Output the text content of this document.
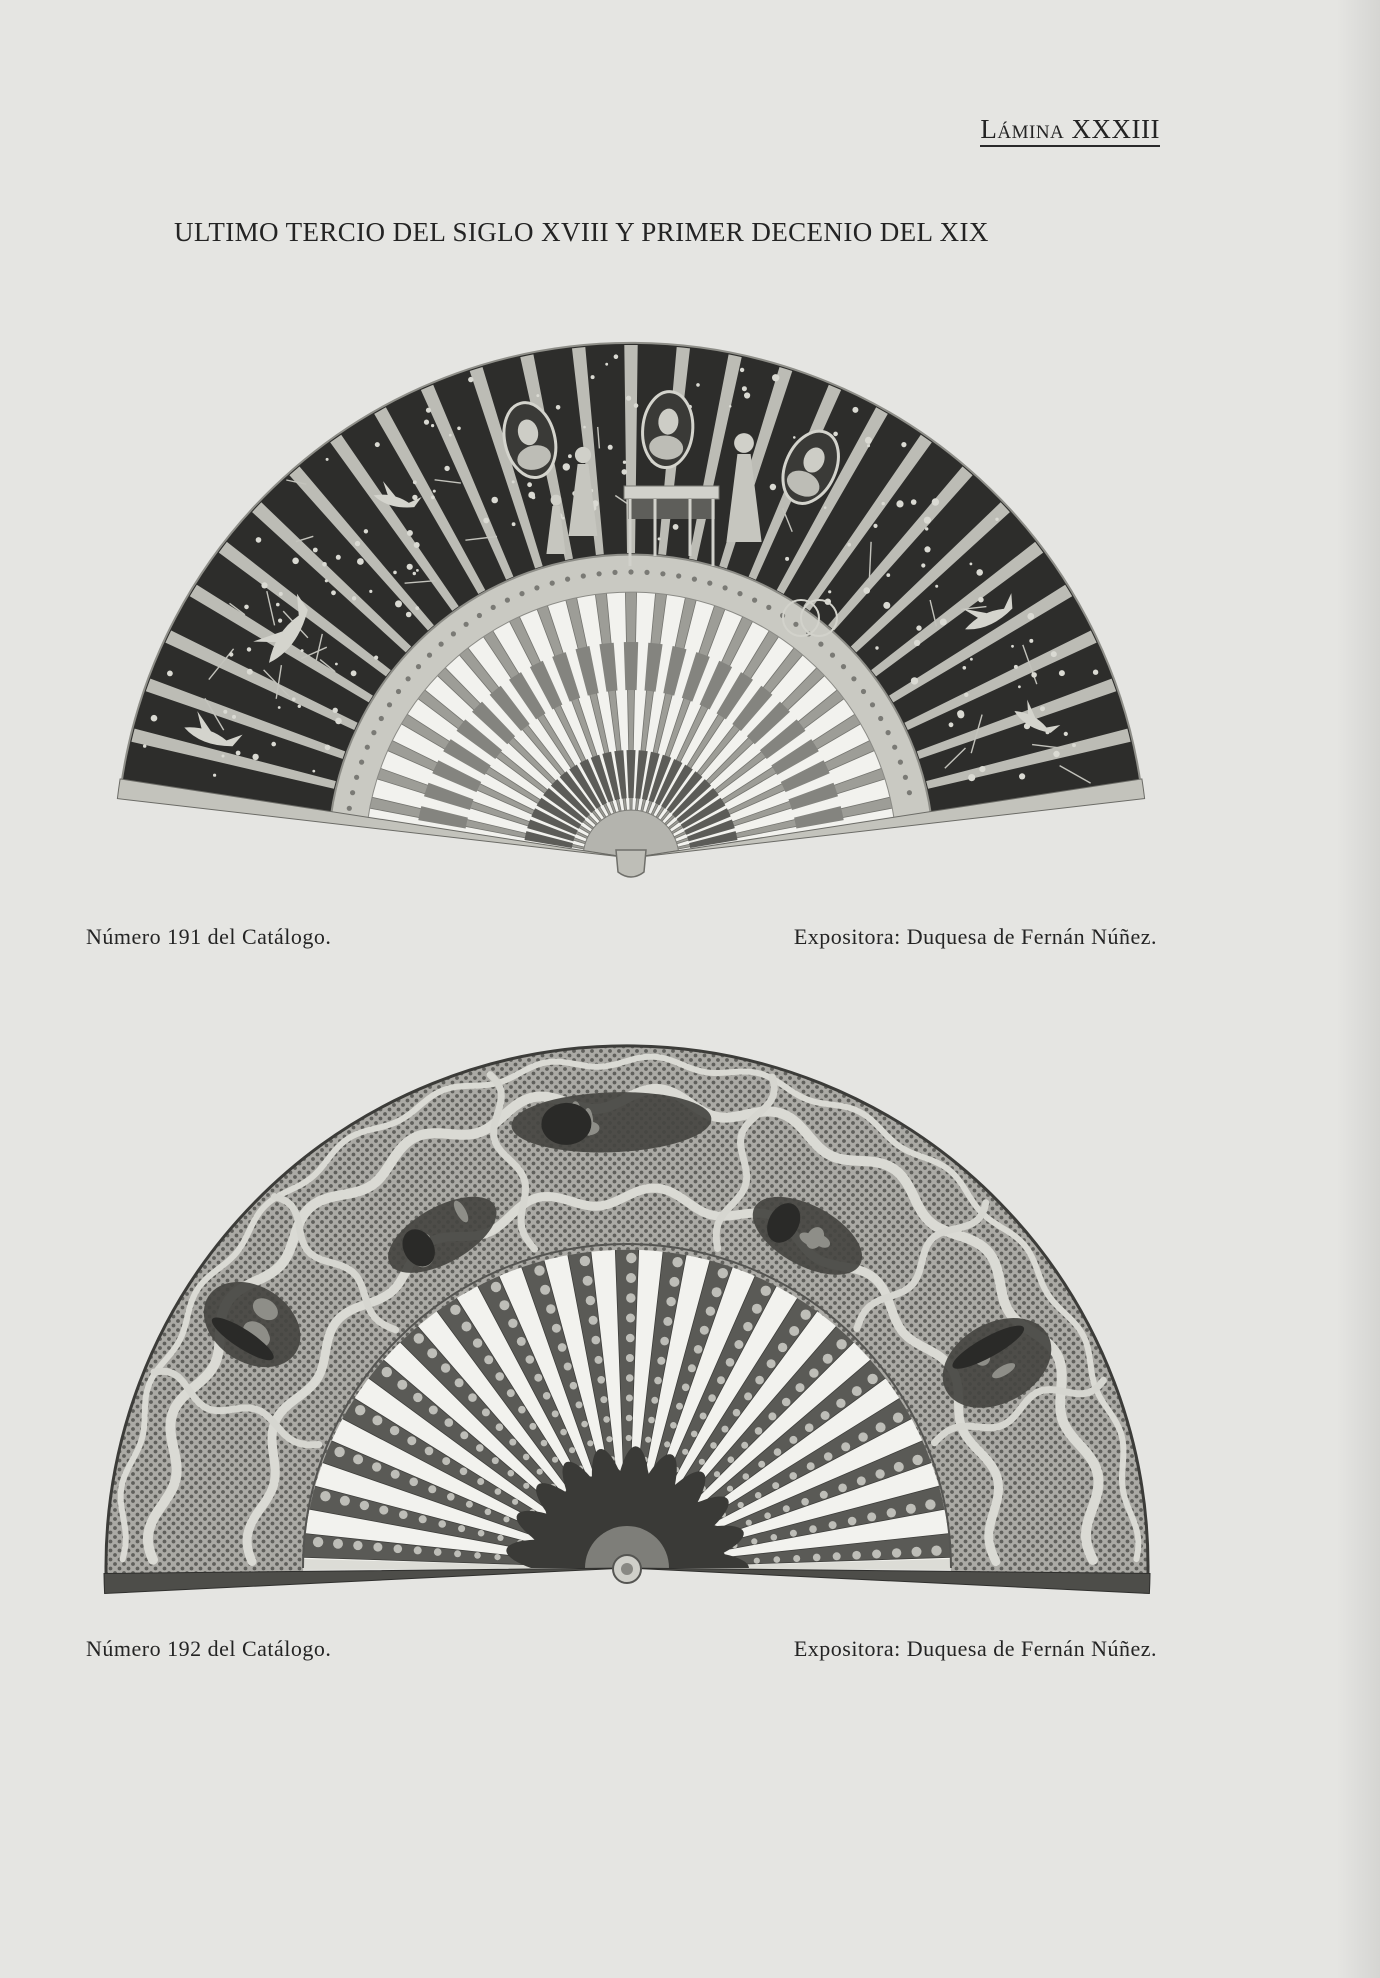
Lámina XXXIII
ULTIMO TERCIO DEL SIGLO XVIII Y PRIMER DECENIO DEL XIX
Número 191 del Catálogo.	Expositora: Duquesa de Fernán Núñez.
Número 192 del Catálogo.	Expositora: Duquesa de Fernán Núñez.
